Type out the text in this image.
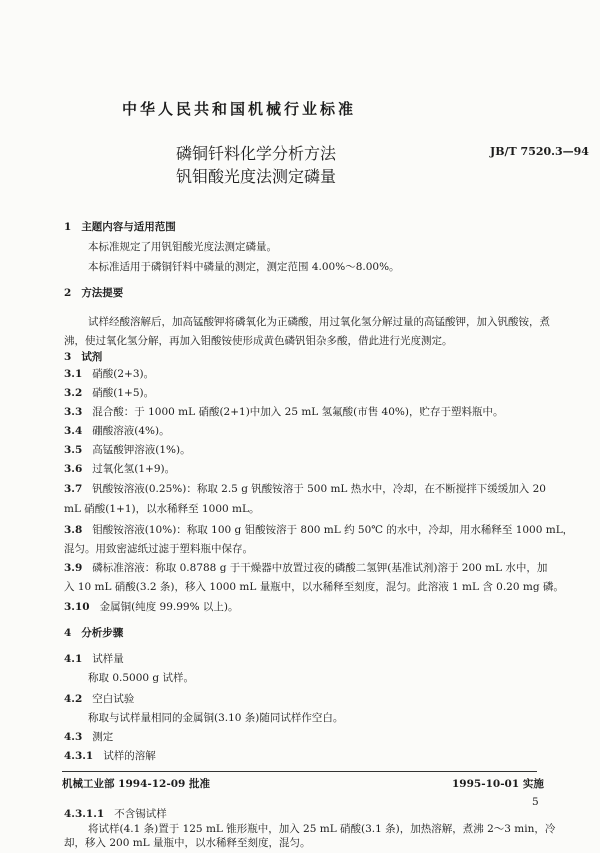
中华人民共和国机械行业标准
磷铜钎料化学分析方法
钒钼酸光度法测定磷量
JB/T 7520.3—94
1 主题内容与适用范围
本标准规定了用钒钼酸光度法测定磷量。
本标准适用于磷铜钎料中磷量的测定，测定范围 4.00%～8.00%。
2 方法提要
试样经酸溶解后，加高锰酸钾将磷氧化为正磷酸，用过氧化氢分解过量的高锰酸钾，加入钒酸铵，煮
沸，使过氧化氢分解，再加入钼酸铵使形成黄色磷钒钼杂多酸，借此进行光度测定。
3 试剂
3.1 硝酸(2+3)。
3.2 硝酸(1+5)。
3.3 混合酸：于 1000 mL 硝酸(2+1)中加入 25 mL 氢氟酸(市售 40%)，贮存于塑料瓶中。
3.4 硼酸溶液(4%)。
3.5 高锰酸钾溶液(1%)。
3.6 过氧化氢(1+9)。
3.7 钒酸铵溶液(0.25%)：称取 2.5 g 钒酸铵溶于 500 mL 热水中，冷却，在不断搅拌下缓缓加入 20
mL 硝酸(1+1)，以水稀释至 1000 mL。
3.8 钼酸铵溶液(10%)：称取 100 g 钼酸铵溶于 800 mL 约 50℃ 的水中，冷却，用水稀释至 1000 mL，
混匀。用致密滤纸过滤于塑料瓶中保存。
3.9 磷标准溶液：称取 0.8788 g 于干燥器中放置过夜的磷酸二氢钾(基准试剂)溶于 200 mL 水中，加
入 10 mL 硝酸(3.2 条)，移入 1000 mL 量瓶中，以水稀释至刻度，混匀。此溶液 1 mL 含 0.20 mg 磷。
3.10 金属铜(纯度 99.99% 以上)。
4 分析步骤
4.1 试样量
称取 0.5000 g 试样。
4.2 空白试验
称取与试样量相同的金属铜(3.10 条)随同试样作空白。
4.3 测定
4.3.1 试样的溶解
机械工业部 1994-12-09 批准	1995-10-01 实施
5
4.3.1.1 不含锡试样
将试样(4.1 条)置于 125 mL 锥形瓶中，加入 25 mL 硝酸(3.1 条)，加热溶解，煮沸 2～3 min，冷
却，移入 200 mL 量瓶中，以水稀释至刻度，混匀。
